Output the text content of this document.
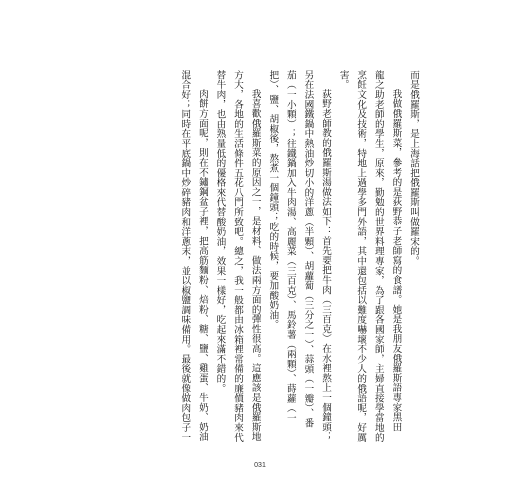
而是俄羅斯，是上海話把俄羅斯叫做羅宋的。

我做俄羅斯菜，參考的是荻野恭子老師寫的食譜。她是我朋友俄羅斯語專家黑田

龍之助老師的學生，原來，勤勉的世界料理專家，為了跟各國家師，主婦直接學當地的

烹飪文化及技術，特地上過學多門外語，其中還包括以難度嚇壞不少人的俄語呢，好厲

害。

荻野老師教的俄羅斯湯做法如下：首先要把牛肉（三百克）在水裡熬上一個鐘頭；

另在法國鐵鍋中熱油炒切小的洋蔥（半顆）、胡蘿蔔（三分之一）、蒜頭（一瓣）、番

茄（一小顆）；往鐵鍋加入牛肉湯、高麗菜（三百克）、馬鈴薯（兩顆）、蒔蘿（一

把）、鹽、胡椒後，熬煮一個鐘頭；吃的時候，要加酸奶油。

我喜歡俄羅斯菜的原因之一，是材料、做法兩方面的彈性很高。這應該是俄羅斯地

方大，各地的生活條件五花八門所致吧。總之，我一般都由冰箱裡常備的廉價豬肉來代

替牛肉，也由熟量低的優格來代替酸奶油，效果一樣好，吃起來滿不錯的。

肉餅方面呢，則在不鏽鋼盆子裡，把高筋麵粉、焙粉、糖、鹽、雞蛋、牛奶、奶油

混合好；同時在平底鍋中炒碎豬肉和洋蔥末，並以椒鹽調味備用。最後就像做肉包子一

031
